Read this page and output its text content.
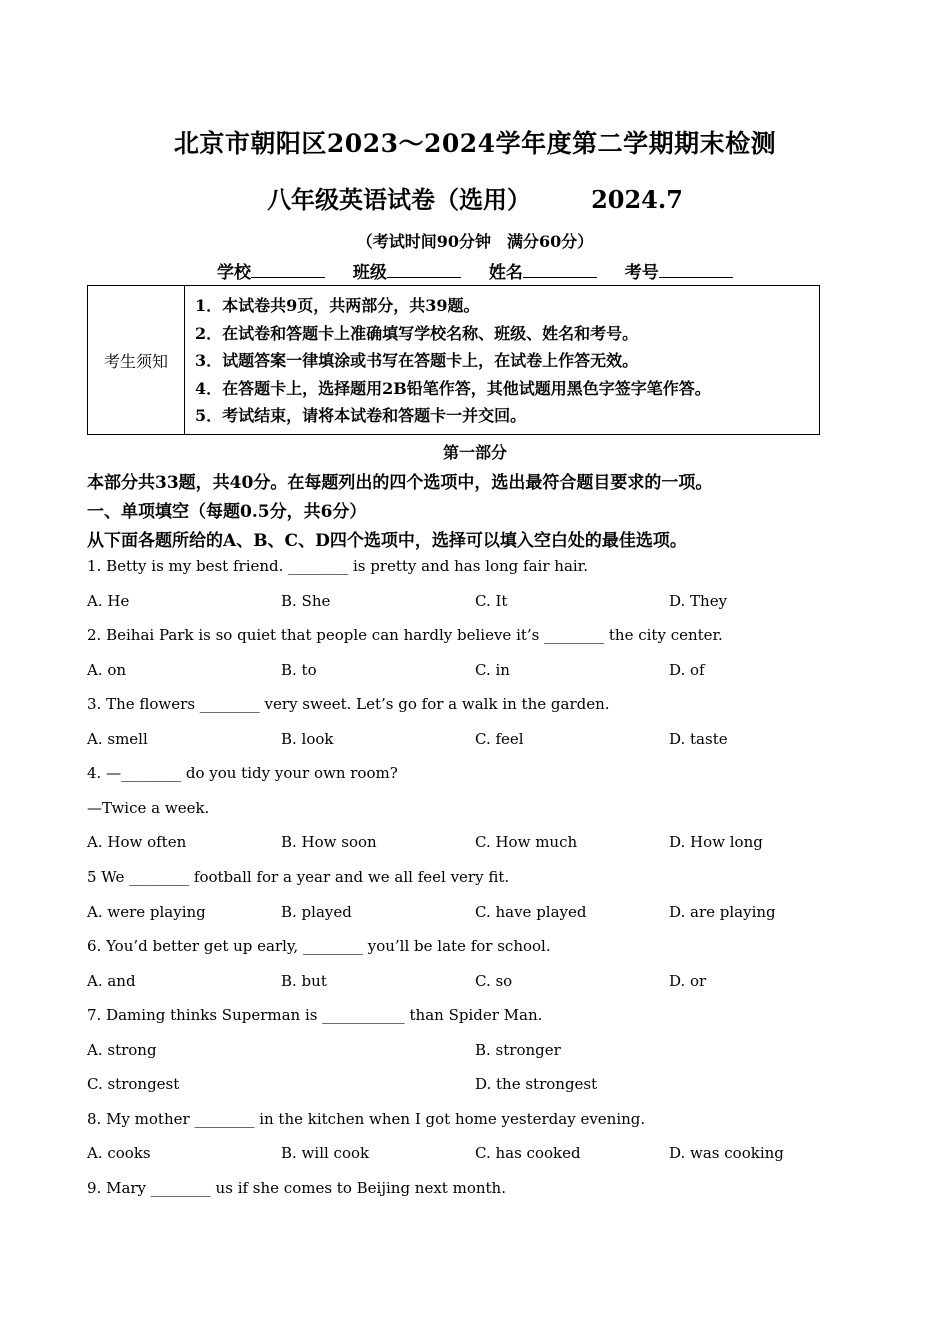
北京市朝阳区2023～2024学年度第二学期期末检测
八年级英语试卷（选用）	2024.7
（考试时间90分钟　满分60分）
学校	班级	姓名	考号
考生须知
1．本试卷共9页，共两部分，共39题。
2．在试卷和答题卡上准确填写学校名称、班级、姓名和考号。
3．试题答案一律填涂或书写在答题卡上，在试卷上作答无效。
4．在答题卡上，选择题用2B铅笔作答，其他试题用黑色字签字笔作答。
5．考试结束，请将本试卷和答题卡一并交回。
第一部分
本部分共33题，共40分。在每题列出的四个选项中，选出最符合题目要求的一项。
一、单项填空（每题0.5分，共6分）
从下面各题所给的A、B、C、D四个选项中，选择可以填入空白处的最佳选项。
1. Betty is my best friend. ________ is pretty and has long fair hair.
A. He	B. She	C. It	D. They
2. Beihai Park is so quiet that people can hardly believe it’s ________ the city center.
A. on	B. to	C. in	D. of
3. The flowers ________ very sweet. Let’s go for a walk in the garden.
A. smell	B. look	C. feel	D. taste
4. —________ do you tidy your own room?
—Twice a week.
A. How often	B. How soon	C. How much	D. How long
5 We ________ football for a year and we all feel very fit.
A. were playing	B. played	C. have played	D. are playing
6. You’d better get up early, ________ you’ll be late for school.
A. and	B. but	C. so	D. or
7. Daming thinks Superman is ___________ than Spider Man.
A. strong	B. stronger
C. strongest	D. the strongest
8. My mother ________ in the kitchen when I got home yesterday evening.
A. cooks	B. will cook	C. has cooked	D. was cooking
9. Mary ________ us if she comes to Beijing next month.
